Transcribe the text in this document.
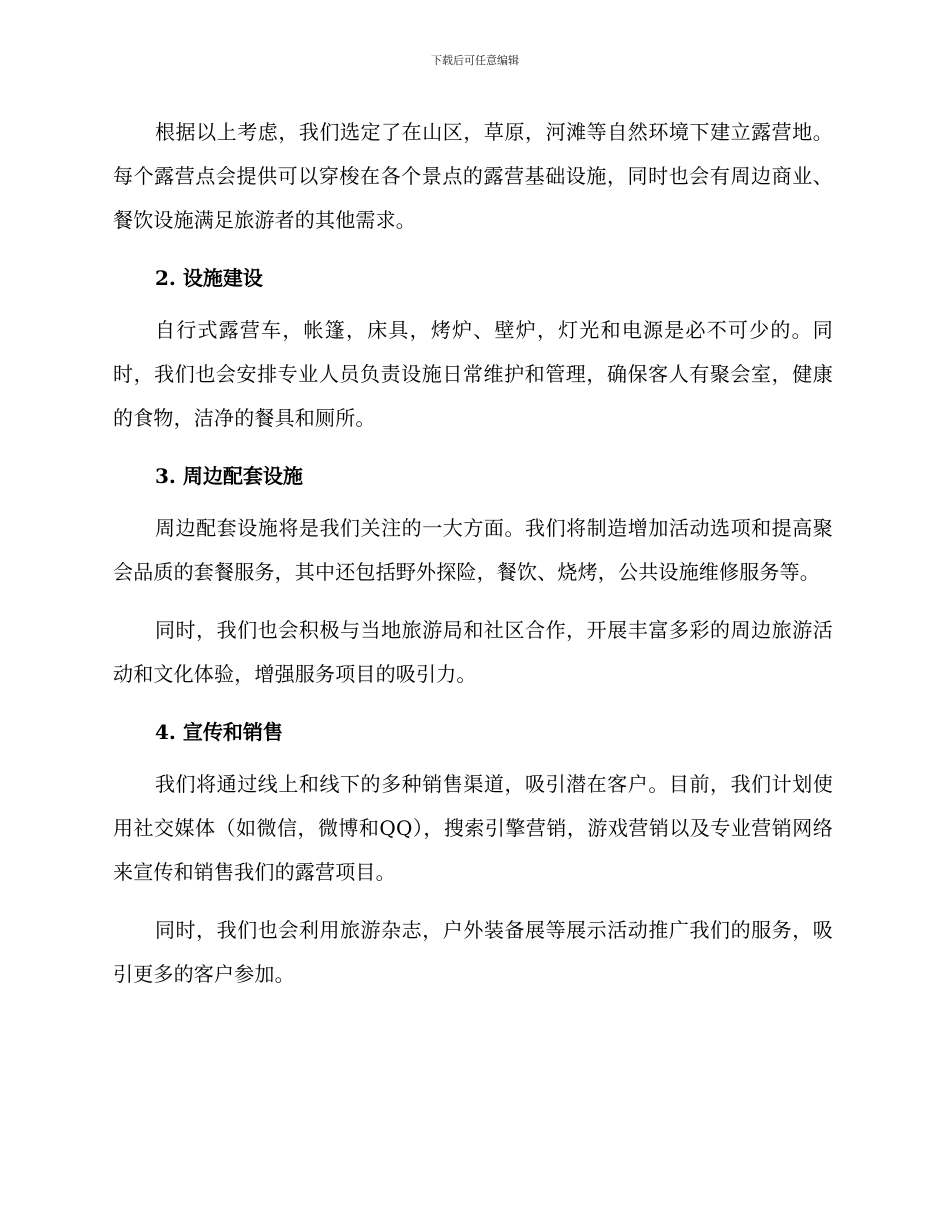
下载后可任意编辑

根据以上考虑，我们选定了在山区，草原，河滩等自然环境下建立露营地。每个露营点会提供可以穿梭在各个景点的露营基础设施，同时也会有周边商业、餐饮设施满足旅游者的其他需求。

2. 设施建设

自行式露营车，帐篷，床具，烤炉、壁炉，灯光和电源是必不可少的。同时，我们也会安排专业人员负责设施日常维护和管理，确保客人有聚会室，健康的食物，洁净的餐具和厕所。

3. 周边配套设施

周边配套设施将是我们关注的一大方面。我们将制造增加活动选项和提高聚会品质的套餐服务，其中还包括野外探险，餐饮、烧烤，公共设施维修服务等。

同时，我们也会积极与当地旅游局和社区合作，开展丰富多彩的周边旅游活动和文化体验，增强服务项目的吸引力。

4. 宣传和销售

我们将通过线上和线下的多种销售渠道，吸引潜在客户。目前，我们计划使用社交媒体（如微信，微博和QQ），搜索引擎营销，游戏营销以及专业营销网络来宣传和销售我们的露营项目。

同时，我们也会利用旅游杂志，户外装备展等展示活动推广我们的服务，吸引更多的客户参加。
